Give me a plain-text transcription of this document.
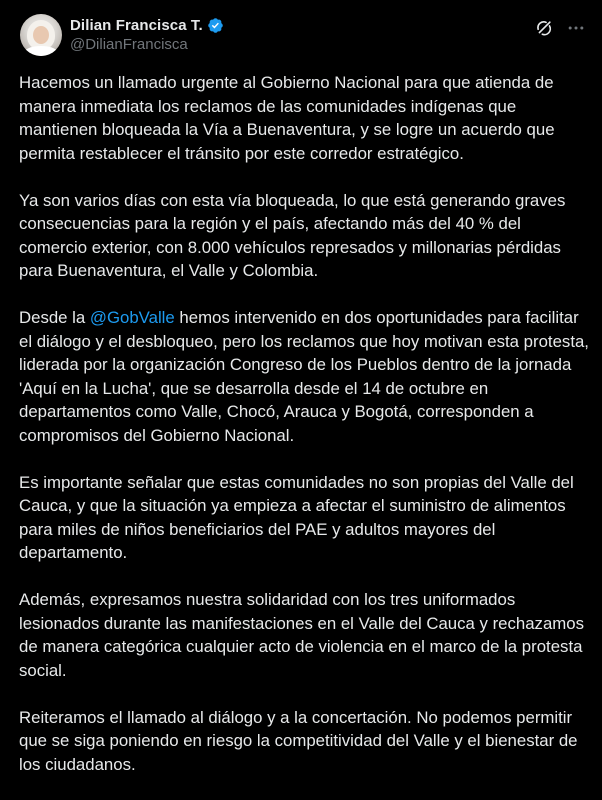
Dilian Francisca T.
@DilianFrancisca

Hacemos un llamado urgente al Gobierno Nacional para que atienda de manera inmediata los reclamos de las comunidades indígenas que mantienen bloqueada la Vía a Buenaventura, y se logre un acuerdo que permita restablecer el tránsito por este corredor estratégico.

Ya son varios días con esta vía bloqueada, lo que está generando graves consecuencias para la región y el país, afectando más del 40 % del comercio exterior, con 8.000 vehículos represados y millonarias pérdidas para Buenaventura, el Valle y Colombia.

Desde la @GobValle hemos intervenido en dos oportunidades para facilitar el diálogo y el desbloqueo, pero los reclamos que hoy motivan esta protesta, liderada por la organización Congreso de los Pueblos dentro de la jornada 'Aquí en la Lucha', que se desarrolla desde el 14 de octubre en departamentos como Valle, Chocó, Arauca y Bogotá, corresponden a compromisos del Gobierno Nacional.

Es importante señalar que estas comunidades no son propias del Valle del Cauca, y que la situación ya empieza a afectar el suministro de alimentos para miles de niños beneficiarios del PAE y adultos mayores del departamento.

Además, expresamos nuestra solidaridad con los tres uniformados lesionados durante las manifestaciones en el Valle del Cauca y rechazamos de manera categórica cualquier acto de violencia en el marco de la protesta social.

Reiteramos el llamado al diálogo y a la concertación. No podemos permitir que se siga poniendo en riesgo la competitividad del Valle y el bienestar de los ciudadanos.
